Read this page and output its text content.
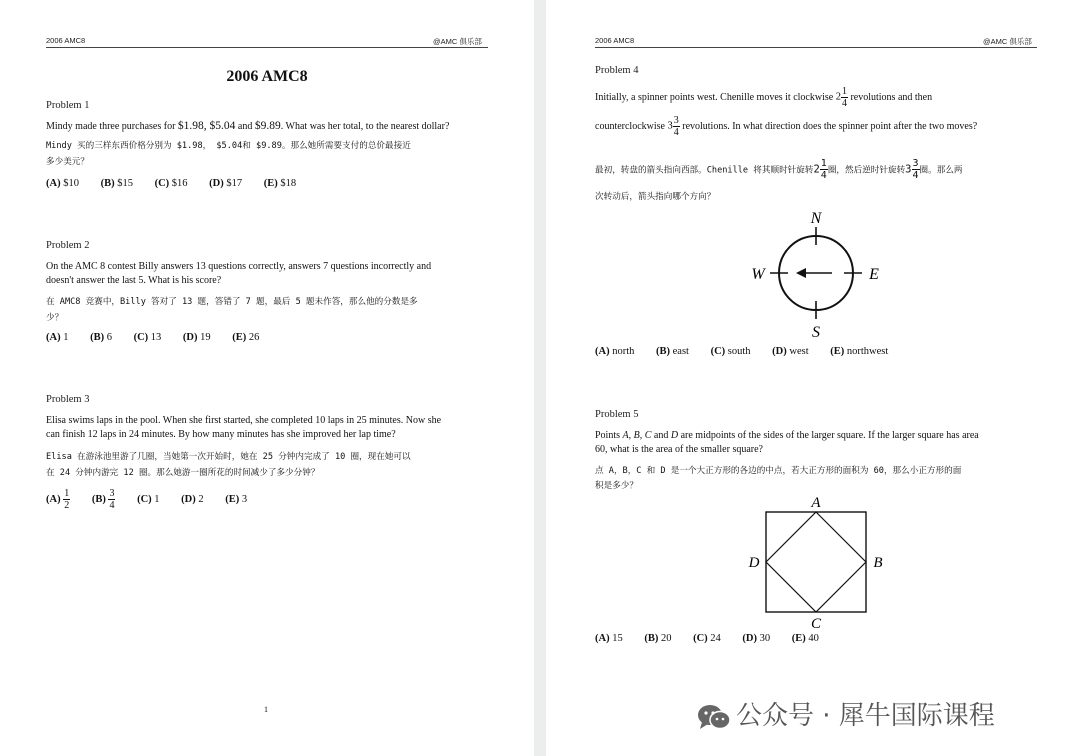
2006 AMC8	@AMC 俱乐部
2006 AMC8
Problem 1
Mindy made three purchases for $1.98, $5.04 and $9.89. What was her total, to the nearest dollar?
Mindy 买的三样东西价格分别为 $1.98， $5.04和 $9.89。那么她所需要支付的总价最接近
多少美元？
(A) $10 (B) $15 (C) $16 (D) $17 (E) $18
Problem 2
On the AMC 8 contest Billy answers 13 questions correctly, answers 7 questions incorrectly and
doesn't answer the last 5. What is his score?
在 AMC8 竞赛中，Billy 答对了 13 题，答错了 7 题，最后 5 题未作答，那么他的分数是多
少？
(A) 1 (B) 6 (C) 13 (D) 19 (E) 26
Problem 3
Elisa swims laps in the pool. When she first started, she completed 10 laps in 25 minutes. Now she
can finish 12 laps in 24 minutes. By how many minutes has she improved her lap time?
Elisa 在游泳池里游了几圈，当她第一次开始时，她在 25 分钟内完成了 10 圈，现在她可以
在 24 分钟内游完 12 圈。那么她游一圈所花的时间减少了多少分钟？
$(A) \frac{1}{2} (B) \frac{3}{4} (C)$ 1 (D) 2 (E) 3
1
2006 AMC8	@AMC 俱乐部
Problem 4
Initially, a spinner points west. Chenille moves it clockwise $2 \frac{1}{4}$ revolutions and then
counterclockwise $3 \frac{3}{4}$ revolutions. In what direction does the spinner point after the two moves?
最初，转盘的箭头指向西部。Chenille 将其顺时针旋转$2 \frac{1}{4}$ 圈，然后逆时针旋转$3 \frac{3}{4}$ 圈。那么两
次转动后，箭头指向哪个方向？
N
S
W	E
(A) north (B) east (C) south (D) west (E) northwest
Problem 5
Points A, B, C and D are midpoints of the sides of the larger square. If the larger square has area
60, what is the area of the smaller square?
点 A，B，C 和 D 是一个大正方形的各边的中点，若大正方形的面积为 60，那么小正方形的面
积是多少？
A
B
C
D
(A) 15 (B) 20 (C) 24 (D) 30 (E) 40
公众号 · 犀牛国际课程
